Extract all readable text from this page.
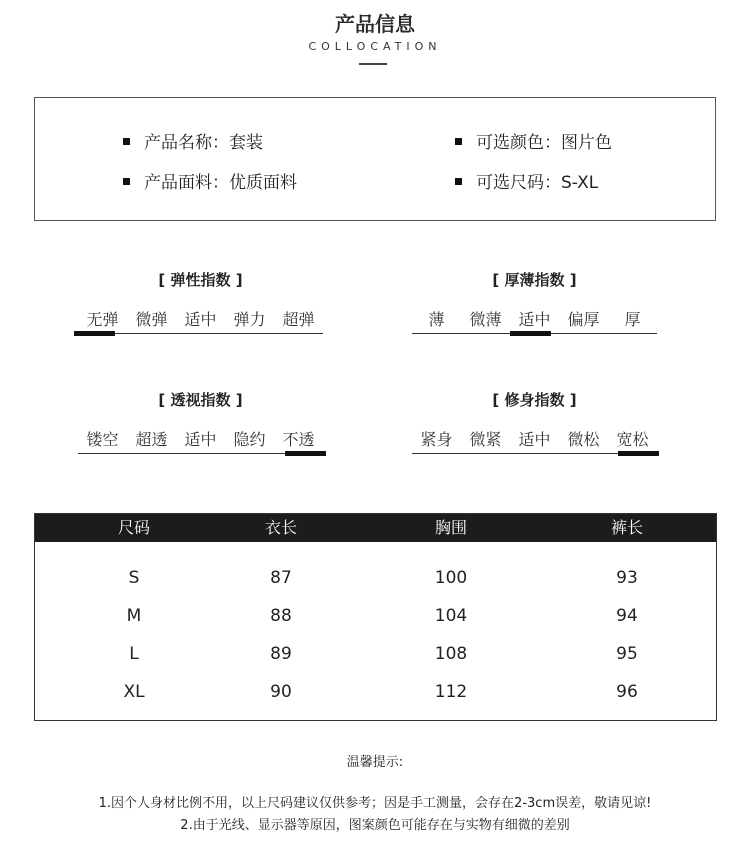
产品信息
COLLOCATION
产品名称：套装
产品面料：优质面料
可选颜色：图片色
可选尺码：S-XL
[ 弹性指数 ]
无弹	微弹	适中	弹力	超弹
[ 厚薄指数 ]
薄	微薄	适中	偏厚	厚
[ 透视指数 ]
镂空	超透	适中	隐约	不透
[ 修身指数 ]
紧身	微紧	适中	微松	宽松
尺码	衣长	胸围	裤长
S	87	100	93
M	88	104	94
L	89	108	95
XL	90	112	96
温馨提示:
1.因个人身材比例不用，以上尺码建议仅供参考；因是手工测量，会存在2-3cm误差，敬请见谅!
2.由于光线、显示器等原因，图案颜色可能存在与实物有细微的差别
